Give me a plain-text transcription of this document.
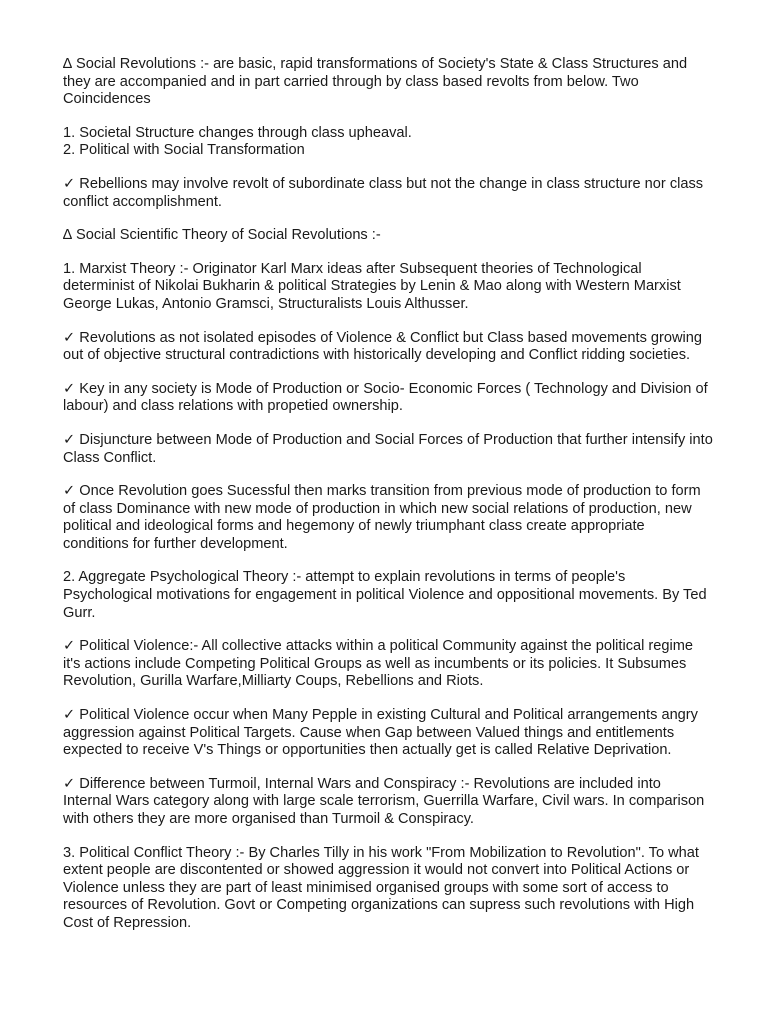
∆ Social Revolutions :- are basic, rapid transformations of Society's State & Class Structures and they are accompanied and in part carried through by class based revolts from below. Two Coincidences

1. Societal Structure changes through class upheaval.

2. Political with Social Transformation

✓ Rebellions may involve revolt of subordinate class but not the change in class structure nor class conflict accomplishment.

∆ Social Scientific Theory of Social Revolutions :-

1. Marxist Theory :- Originator Karl Marx ideas after Subsequent theories of Technological determinist of Nikolai Bukharin & political Strategies by Lenin & Mao along with Western Marxist George Lukas, Antonio Gramsci, Structuralists Louis Althusser.

✓ Revolutions as not isolated episodes of Violence & Conflict but Class based movements growing out of objective structural contradictions with historically developing and Conflict ridding societies.

✓ Key in any society is Mode of Production or Socio- Economic Forces ( Technology and Division of labour) and class relations with propetied ownership.

✓ Disjuncture between Mode of Production and Social Forces of Production that further intensify into Class Conflict.

✓ Once Revolution goes Sucessful then marks transition from previous mode of production to form of class Dominance with new mode of production in which new social relations of production, new political and ideological forms and hegemony of newly triumphant class create appropriate conditions for further development.

2. Aggregate Psychological Theory :- attempt to explain revolutions in terms of people's Psychological motivations for engagement in political Violence and oppositional movements. By Ted Gurr.

✓ Political Violence:- All collective attacks within a political Community against the political regime it's actions include Competing Political Groups as well as incumbents or its policies. It Subsumes Revolution, Gurilla Warfare,Milliarty Coups, Rebellions and Riots.

✓ Political Violence occur when Many Pepple in existing Cultural and Political arrangements angry aggression against Political Targets. Cause when Gap between Valued things and entitlements expected to receive V's Things or opportunities then actually get is called Relative Deprivation.

✓ Difference between Turmoil, Internal Wars and Conspiracy :- Revolutions are included into Internal Wars category along with large scale terrorism, Guerrilla Warfare, Civil wars. In comparison with others they are more organised than Turmoil & Conspiracy.

3. Political Conflict Theory :- By Charles Tilly in his work "From Mobilization to Revolution". To what extent people are discontented or showed aggression it would not convert into Political Actions or Violence unless they are part of least minimised organised groups with some sort of access to resources of Revolution. Govt or Competing organizations can supress such revolutions with High Cost of Repression.
